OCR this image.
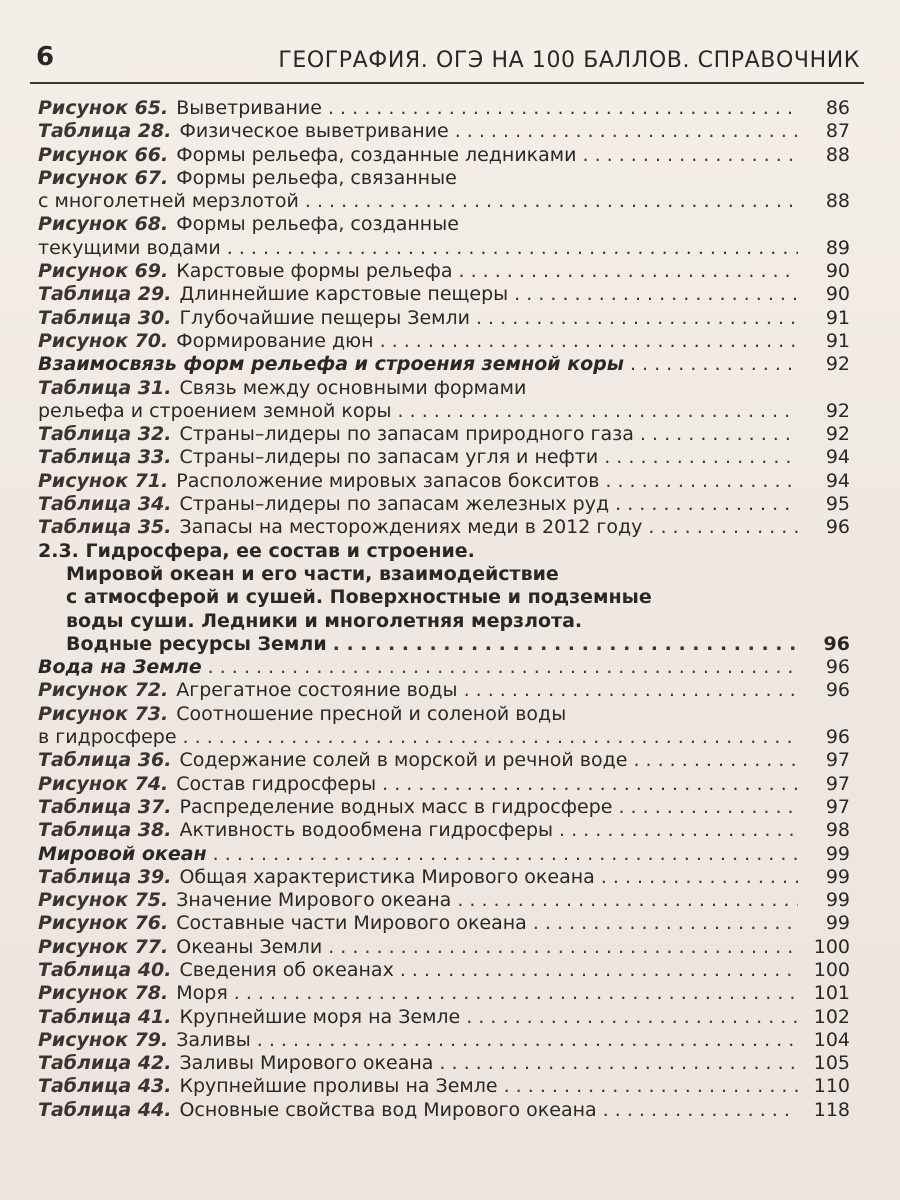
6	ГЕОГРАФИЯ. ОГЭ НА 100 БАЛЛОВ. СПРАВОЧНИК
Рисунок 65. Выветривание . . .	86
Таблица 28. Физическое выветривание . . .	87
Рисунок 66. Формы рельефа, созданные ледниками . . .	88
Рисунок 67. Формы рельефа, связанные
с многолетней мерзлотой . . .	88
Рисунок 68. Формы рельефа, созданные
текущими водами . . .	89
Рисунок 69. Карстовые формы рельефа . . .	90
Таблица 29. Длиннейшие карстовые пещеры . . .	90
Таблица 30. Глубочайшие пещеры Земли . . .	91
Рисунок 70. Формирование дюн . . .	91
Взаимосвязь форм рельефа и строения земной коры . . .	92
Таблица 31. Связь между основными формами
рельефа и строением земной коры . . .	92
Таблица 32. Страны–лидеры по запасам природного газа . . .	92
Таблица 33. Страны–лидеры по запасам угля и нефти . . .	94
Рисунок 71. Расположение мировых запасов бокситов . . .	94
Таблица 34. Страны–лидеры по запасам железных руд . . .	95
Таблица 35. Запасы на месторождениях меди в 2012 году . . .	96
2.3. Гидросфера, ее состав и строение.
Мировой океан и его части, взаимодействие
с атмосферой и сушей. Поверхностные и подземные
воды суши. Ледники и многолетняя мерзлота.
Водные ресурсы Земли . . .	96
Вода на Земле . . .	96
Рисунок 72. Агрегатное состояние воды . . .	96
Рисунок 73. Соотношение пресной и соленой воды
в гидросфере . . .	96
Таблица 36. Содержание солей в морской и речной воде . . .	97
Рисунок 74. Состав гидросферы . . .	97
Таблица 37. Распределение водных масс в гидросфере . . .	97
Таблица 38. Активность водообмена гидросферы . . .	98
Мировой океан . . .	99
Таблица 39. Общая характеристика Мирового океана . . .	99
Рисунок 75. Значение Мирового океана . . .	99
Рисунок 76. Составные части Мирового океана . . .	99
Рисунок 77. Океаны Земли . . .	100
Таблица 40. Сведения об океанах . . .	100
Рисунок 78. Моря . . .	101
Таблица 41. Крупнейшие моря на Земле . . .	102
Рисунок 79. Заливы . . .	104
Таблица 42. Заливы Мирового океана . . .	105
Таблица 43. Крупнейшие проливы на Земле . . .	110
Таблица 44. Основные свойства вод Мирового океана . . .	118
